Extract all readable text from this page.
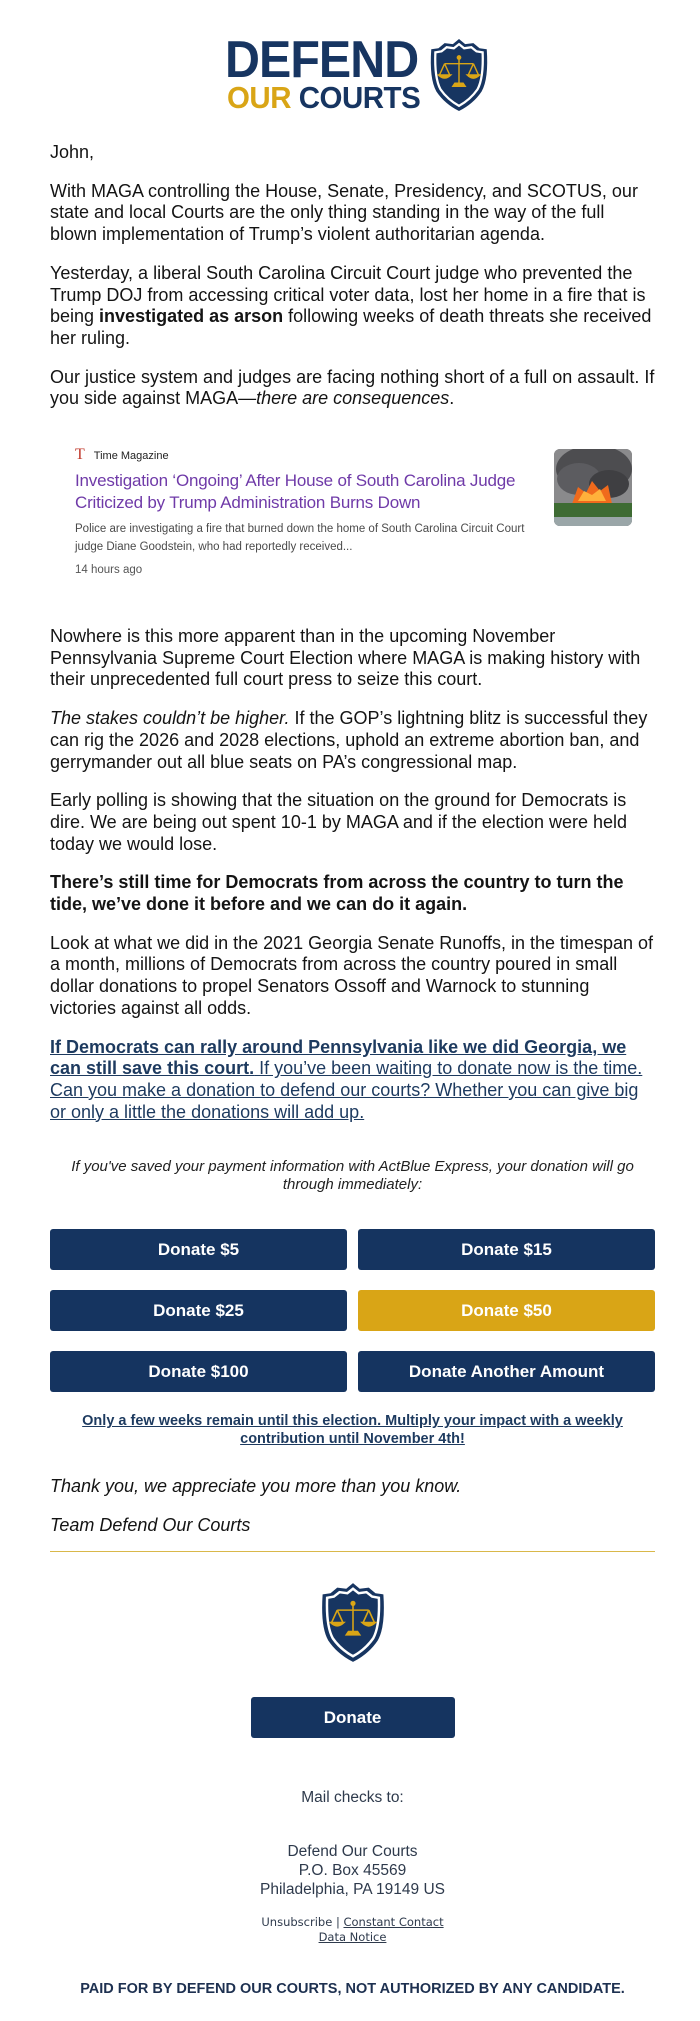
DEFEND
OUR COURTS

John,

With MAGA controlling the House, Senate, Presidency, and SCOTUS, our state and local Courts are the only thing standing in the way of the full blown implementation of Trump’s violent authoritarian agenda.

Yesterday, a liberal South Carolina Circuit Court judge who prevented the Trump DOJ from accessing critical voter data, lost her home in a fire that is being investigated as arson following weeks of death threats she received her ruling.

Our justice system and judges are facing nothing short of a full on assault. If you side against MAGA—there are consequences.

T Time Magazine
Investigation ‘Ongoing’ After House of South Carolina Judge Criticized by Trump Administration Burns Down
Police are investigating a fire that burned down the home of South Carolina Circuit Court judge Diane Goodstein, who had reportedly received...
14 hours ago

Nowhere is this more apparent than in the upcoming November Pennsylvania Supreme Court Election where MAGA is making history with their unprecedented full court press to seize this court.

The stakes couldn’t be higher. If the GOP’s lightning blitz is successful they can rig the 2026 and 2028 elections, uphold an extreme abortion ban, and gerrymander out all blue seats on PA’s congressional map.

Early polling is showing that the situation on the ground for Democrats is dire. We are being out spent 10-1 by MAGA and if the election were held today we would lose.

There’s still time for Democrats from across the country to turn the tide, we’ve done it before and we can do it again.

Look at what we did in the 2021 Georgia Senate Runoffs, in the timespan of a month, millions of Democrats from across the country poured in small dollar donations to propel Senators Ossoff and Warnock to stunning victories against all odds.

If Democrats can rally around Pennsylvania like we did Georgia, we can still save this court. If you’ve been waiting to donate now is the time. Can you make a donation to defend our courts? Whether you can give big or only a little the donations will add up.

If you've saved your payment information with ActBlue Express, your donation will go through immediately:
Donate $5	Donate $15
Donate $25	Donate $50
Donate $100	Donate Another Amount
Only a few weeks remain until this election. Multiply your impact with a weekly contribution until November 4th!

Thank you, we appreciate you more than you know.

Team Defend Our Courts

Donate
Mail checks to:
Defend Our Courts
P.O. Box 45569
Philadelphia, PA 19149 US
Unsubscribe | Constant Contact
Data Notice
PAID FOR BY DEFEND OUR COURTS, NOT AUTHORIZED BY ANY CANDIDATE.
